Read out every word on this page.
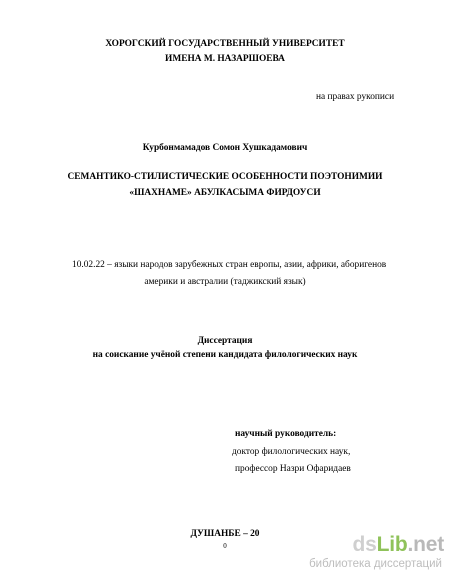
ХОРОГСКИЙ ГОСУДАРСТВЕННЫЙ УНИВЕРСИТЕТ
ИМЕНА М. НАЗАРШОЕВА
на правах рукописи
Курбонмамадов Сомон Хушкадамович
СЕМАНТИКО-СТИЛИСТИЧЕСКИЕ ОСОБЕННОСТИ ПОЭТОНИМИИ
«ШАХНАМЕ» АБУЛКАСЫМА ФИРДОУСИ
10.02.22 – языки народов зарубежных стран европы, азии, африки, аборигенов
америки и австралии (таджикский язык)
Диссертация
на соискание учёной степени кандидата филологических наук
научный руководитель:
доктор филологических наук,
профессор Назри Офаридаев
ДУШАНБЕ – 20
0	dsLib.net
библиотека диссертаций
